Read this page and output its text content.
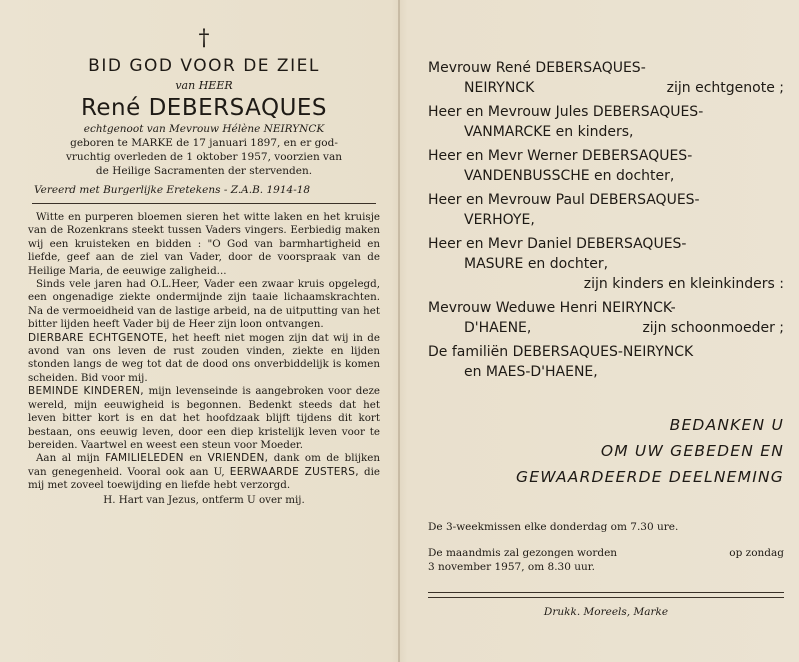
†
BID GOD VOOR DE ZIEL
van HEER
René DEBERSAQUES
echtgenoot van Mevrouw Hélène NEIRYNCK
geboren te MARKE de 17 januari 1897, en er god-
vruchtig overleden de 1 oktober 1957, voorzien van
de Heilige Sacramenten der stervenden.
Vereerd met Burgerlijke Eretekens - Z.A.B. 1914-18

Witte en purperen bloemen sieren het witte laken en het kruisje van de Rozenkrans steekt tussen Vaders vingers. Eerbiedig maken wij een kruisteken en bidden : "O God van barmhartigheid en liefde, geef aan de ziel van Vader, door de voorspraak van de Heilige Maria, de eeuwige zaligheid...

Sinds vele jaren had O.L.Heer, Vader een zwaar kruis opgelegd, een ongenadige ziekte ondermijnde zijn taaie lichaamskrachten. Na de vermoeidheid van de lastige arbeid, na de uitputting van het bitter lijden heeft Vader bij de Heer zijn loon ontvangen.

DIERBARE ECHTGENOTE, het heeft niet mogen zijn dat wij in de avond van ons leven de rust zouden vinden, ziekte en lijden stonden langs de weg tot dat de dood ons onverbiddelijk is komen scheiden. Bid voor mij.

BEMINDE KINDEREN, mijn levenseinde is aangebroken voor deze wereld, mijn eeuwigheid is begonnen. Bedenkt steeds dat het leven bitter kort is en dat het hoofdzaak blijft tijdens dit kort bestaan, ons eeuwig leven, door een diep kristelijk leven voor te bereiden. Vaartwel en weest een steun voor Moeder.

Aan al mijn FAMILIELEDEN en VRIENDEN, dank om de blijken van genegenheid. Vooral ook aan U, EERWAARDE ZUSTERS, die mij met zoveel toewijding en liefde hebt verzorgd.

H. Hart van Jezus, ontferm U over mij.

Mevrouw René DEBERSAQUES-
NEIRYNCK	zijn echtgenote ;
Heer en Mevrouw Jules DEBERSAQUES-
VANMARCKE en kinders,
Heer en Mevr Werner DEBERSAQUES-
VANDENBUSSCHE en dochter,
Heer en Mevrouw Paul DEBERSAQUES-
VERHOYE,
Heer en Mevr Daniel DEBERSAQUES-
MASURE en dochter,
zijn kinders en kleinkinders :
Mevrouw Weduwe Henri NEIRYNCK-
D'HAENE,	zijn schoonmoeder ;
De familiën DEBERSAQUES-NEIRYNCK
en MAES-D'HAENE,
BEDANKEN U
OM UW GEBEDEN EN
GEWAARDEERDE DEELNEMING

De 3-weekmissen elke donderdag om 7.30 ure.

De maandmis zal gezongen worden	op zondag

3 november 1957, om 8.30 uur.

Drukk. Moreels, Marke
